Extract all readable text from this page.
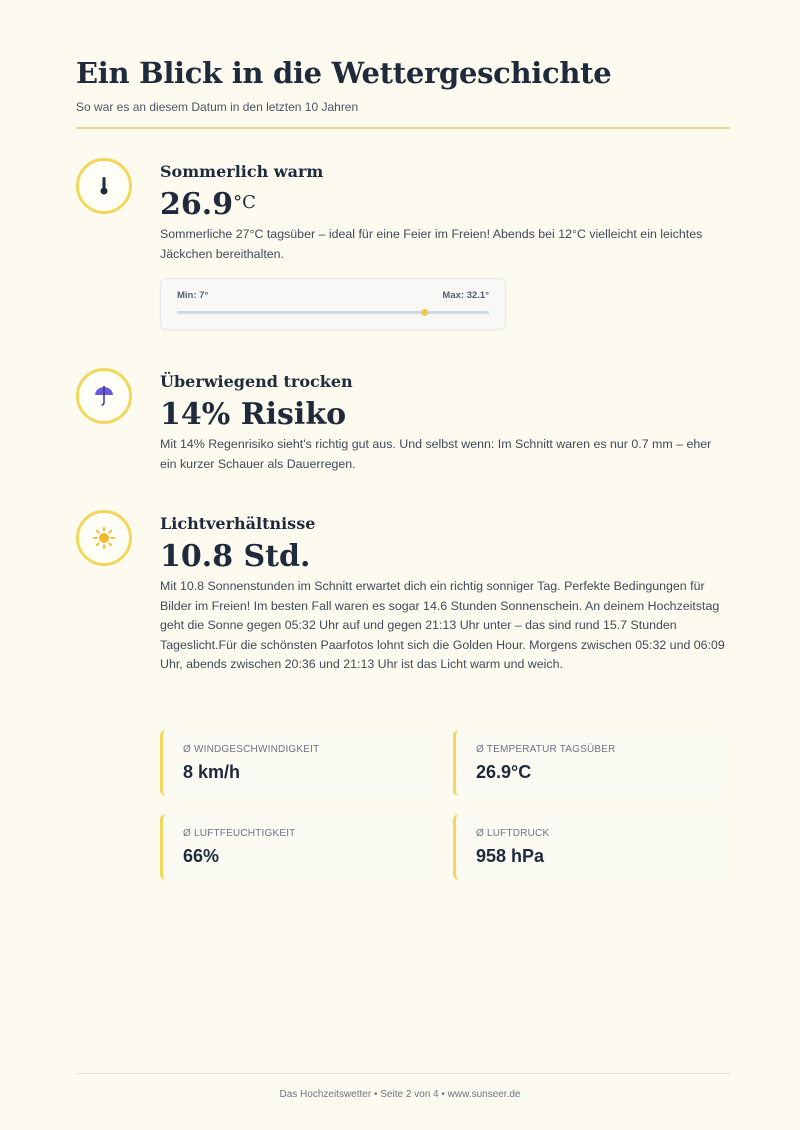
Ein Blick in die Wettergeschichte
So war es an diesem Datum in den letzten 10 Jahren
Sommerlich warm
$26.9^{^\circ C}$
Sommerliche 27°C tagsüber – ideal für eine Feier im Freien! Abends bei 12°C vielleicht ein leichtes Jäckchen bereithalten.
Min: 7°	Max: 32.1°
Überwiegend trocken
14% Risiko
Mit 14% Regenrisiko sieht's richtig gut aus. Und selbst wenn: Im Schnitt waren es nur 0.7 mm – eher ein kurzer Schauer als Dauerregen.
Lichtverhältnisse
10.8 Std.
Mit 10.8 Sonnenstunden im Schnitt erwartet dich ein richtig sonniger Tag. Perfekte Bedingungen für Bilder im Freien! Im besten Fall waren es sogar 14.6 Stunden Sonnenschein. An deinem Hochzeitstag geht die Sonne gegen 05:32 Uhr auf und gegen 21:13 Uhr unter – das sind rund 15.7 Stunden Tageslicht.Für die schönsten Paarfotos lohnt sich die Golden Hour. Morgens zwischen 05:32 und 06:09 Uhr, abends zwischen 20:36 und 21:13 Uhr ist das Licht warm und weich.
Ø WINDGESCHWINDIGKEIT
8 km/h
Ø TEMPERATUR TAGSÜBER
26.9°C
Ø LUFTFEUCHTIGKEIT
66%
Ø LUFTDRUCK
958 hPa
Das Hochzeitswetter • Seite 2 von 4 • www.sunseer.de
